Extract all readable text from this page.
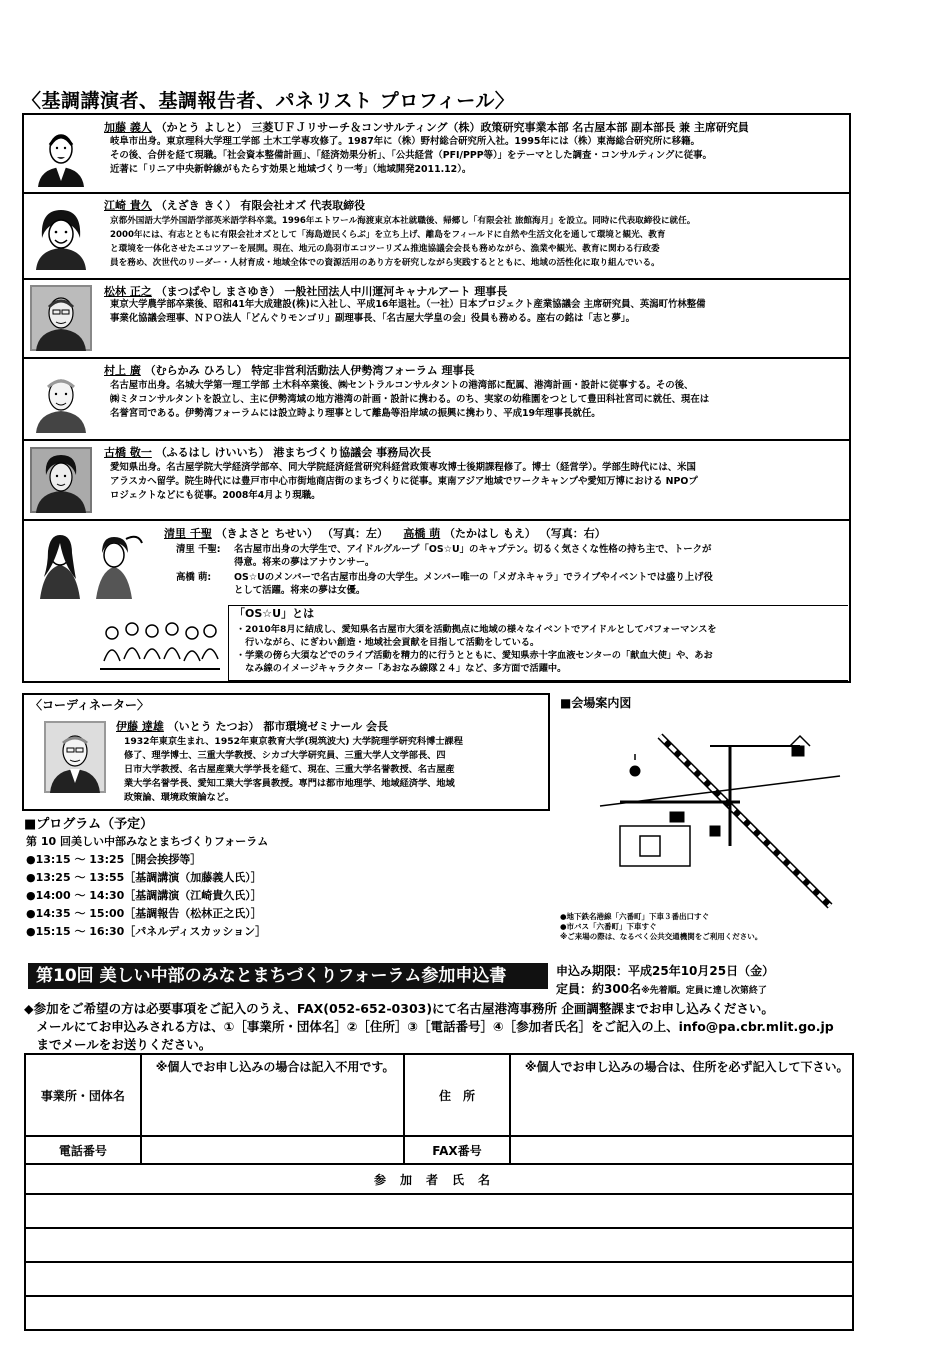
〈基調講演者、基調報告者、パネリスト プロフィール〉
加藤 義人 （かとう よしと） 三菱ＵＦＪリサーチ＆コンサルティング（株）政策研究事業本部 名古屋本部 副本部長 兼 主席研究員

岐阜市出身。東京理科大学理工学部 土木工学専攻修了。1987年に（株）野村総合研究所入社。1995年には（株）東海総合研究所に移籍。

その後、合併を経て現職。「社会資本整備計画」、「経済効果分析」、「公共経営（PFI/PPP等）」をテーマとした調査・コンサルティングに従事。

近著に「リニア中央新幹線がもたらす効果と地域づくり一考」（地域開発2011.12）。

江崎 貴久 （えざき きく） 有限会社オズ 代表取締役

京都外国語大学外国語学部英米語学科卒業。1996年エトワール海渡東京本社就職後、帰郷し「有限会社 旅館海月」を設立。同時に代表取締役に就任。

2000年には、有志とともに有限会社オズとして「海島遊民くらぶ」を立ち上げ、離島をフィールドに自然や生活文化を通して環境と観光、教育

と環境を一体化させたエコツアーを展開。現在、地元の鳥羽市エコツーリズム推進協議会会長も務めながら、漁業や観光、教育に関わる行政委

員を務め、次世代のリーダー・人材育成・地域全体での資源活用のあり方を研究しながら実践するとともに、地域の活性化に取り組んでいる。

松林 正之 （まつばやし まさゆき） 一般社団法人中川運河キャナルアート 理事長

東京大学農学部卒業後、昭和41年大成建設(株)に入社し、平成16年退社。（一社）日本プロジェクト産業協議会 主席研究員、英潟町竹林整備

事業化協議会理事、ＮＰＯ法人「どんぐりモンゴリ」副理事長、「名古屋大学皇の会」役員も務める。座右の銘は「志と夢」。

村上 廣 （むらかみ ひろし） 特定非営利活動法人伊勢湾フォーラム 理事長

名古屋市出身。名城大学第一理工学部 土木科卒業後、㈱セントラルコンサルタントの港湾部に配属、港湾計画・設計に従事する。その後、

㈱ミタコンサルタントを設立し、主に伊勢湾域の地方港湾の計画・設計に携わる。のち、実家の幼稚園をつとして豊田科社宮司に就任、現在は

名誉宮司である。伊勢湾フォーラムには設立時より理事として離島等沿岸域の振興に携わり、平成19年理事長就任。

古橋 敬一 （ふるはし けいいち） 港まちづくり協議会 事務局次長

愛知県出身。名古屋学院大学経済学部卒、同大学院経済経営研究科経営政策専攻博士後期課程修了。博士（経営学）。学部生時代には、米国

アラスカへ留学。院生時代には豊戸市中心市街地商店街のまちづくりに従事。東南アジア地域でワークキャンプや愛知万博における NPOプ

ロジェクトなどにも従事。2008年4月より現職。

清里 千聖 （きよさと ちせい） （写真：左） 高橋 萌 （たかはし もえ） （写真：右）
清里 千聖: 名古屋市出身の大学生で、アイドルグループ「OS☆U」のキャプテン。切るく気さくな性格の持ち主で、トークが
得意。将来の夢はアナウンサー。
高橋 萌: OS☆Uのメンバーで名古屋市出身の大学生。メンバー唯一の「メガネキャラ」でライブやイベントでは盛り上げ役
として活躍。将来の夢は女優。
「OS☆U」とは

・2010年8月に結成し、愛知県名古屋市大須を活動拠点に地域の様々なイベントでアイドルとしてパフォーマンスを

　行いながら、にぎわい創造・地域社会貢献を目指して活動をしている。

・学業の傍ら大須などでのライブ活動を精力的に行うとともに、愛知県赤十字血液センターの「献血大使」や、あお

　なみ線のイメージキャラクター「あおなみ線隊２４」など、多方面で活躍中。

〈コーディネーター〉
伊藤 達雄 （いとう たつお） 都市環境ゼミナール 会長

1932年東京生まれ、1952年東京教育大学(現筑波大) 大学院理学研究科博士課程

修了、理学博士、三重大学教授、シカゴ大学研究員、三重大学人文学部長、四

日市大学教授、名古屋産業大学学長を経て、現在、三重大学名誉教授、名古屋産

業大学名誉学長、愛知工業大学客員教授。専門は都市地理学、地域経済学、地域

政策論、環境政策論など。

■会場案内図

●地下鉄名港線「六番町」下車３番出口すぐ

●市バス「六番町」下車すぐ

※ご来場の際は、なるべく公共交通機関をご利用ください。

■プログラム（予定）
第 10 回美しい中部みなとまちづくりフォーラム
●13:15 〜 13:25［開会挨拶等］
●13:25 〜 13:55［基調講演（加藤義人氏）］
●14:00 〜 14:30［基調講演（江崎貴久氏）］
●14:35 〜 15:00［基調報告（松林正之氏）］
●15:15 〜 16:30［パネルディスカッション］
第10回 美しい中部のみなとまちづくりフォーラム参加申込書	申込み期限：平成25年10月25日（金）
定員：約300名※先着順。定員に達し次第終了

◆参加をご希望の方は必要事項をご記入のうえ、FAX(052-652-0303)にて名古屋港湾事務所 企画調整課までお申し込みください。

　メールにてお申込みされる方は、①［事業所・団体名］②［住所］③［電話番号］④［参加者氏名］をご記入の上、info@pa.cbr.mlit.go.jp

　までメールをお送りください。

事業所・団体名	※個人でお申し込みの場合は記入不用です。	住　所	※個人でお申し込みの場合は、住所を必ず記入して下さい。
電話番号		FAX番号	
参加者氏名			
